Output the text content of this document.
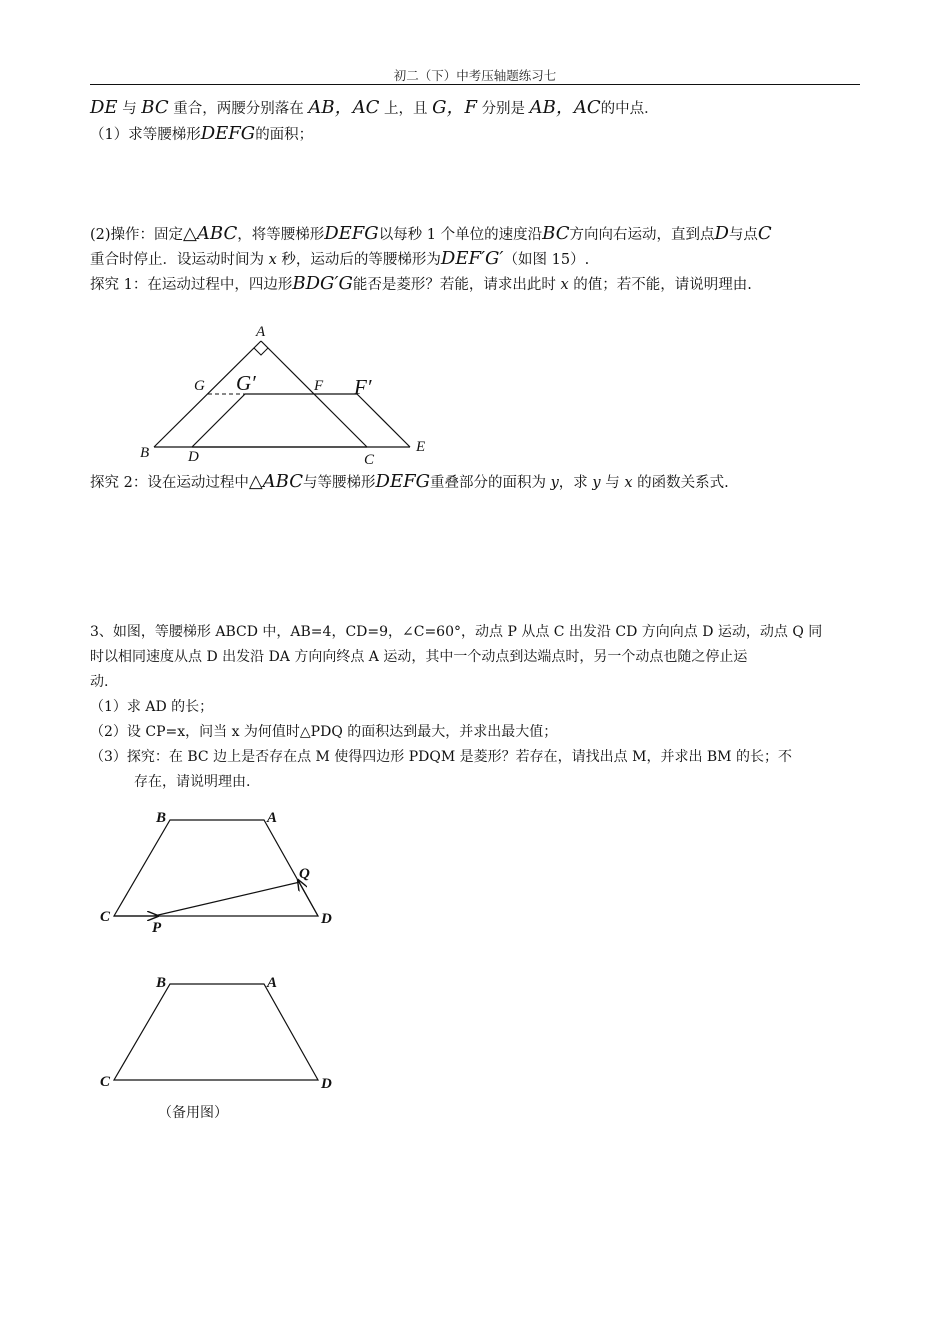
初二（下）中考压轴题练习七
DE 与 BC 重合，两腰分别落在 AB，AC 上，且 G，F 分别是 AB，AC的中点．
（1）求等腰梯形DEFG的面积；
(2)操作：固定△ABC，将等腰梯形DEFG以每秒 1 个单位的速度沿BC方向向右运动，直到点D与点C
重合时停止．设运动时间为 x 秒，运动后的等腰梯形为DEF′G′（如图 15）.
探究 1：在运动过程中，四边形BDG′G能否是菱形？若能，请求出此时 x 的值；若不能，请说明理由.
A
G G′	F F′
B	D	C
E
探究 2：设在运动过程中△ABC与等腰梯形DEFG重叠部分的面积为 y，求 y 与 x 的函数关系式.
3、如图，等腰梯形 ABCD 中，AB=4，CD=9，∠C=60°，动点 P 从点 C 出发沿 CD 方向向点 D 运动，动点 Q 同
时以相同速度从点 D 出发沿 DA 方向向终点 A 运动，其中一个动点到达端点时，另一个动点也随之停止运
动.
（1）求 AD 的长；
（2）设 CP=x，问当 x 为何值时△PDQ 的面积达到最大，并求出最大值；
（3）探究：在 BC 边上是否存在点 M 使得四边形 PDQM 是菱形？若存在，请找出点 M，并求出 BM 的长；不
存在，请说明理由.
B	A
Q
C
P
D
B	A
C	D
（备用图）
